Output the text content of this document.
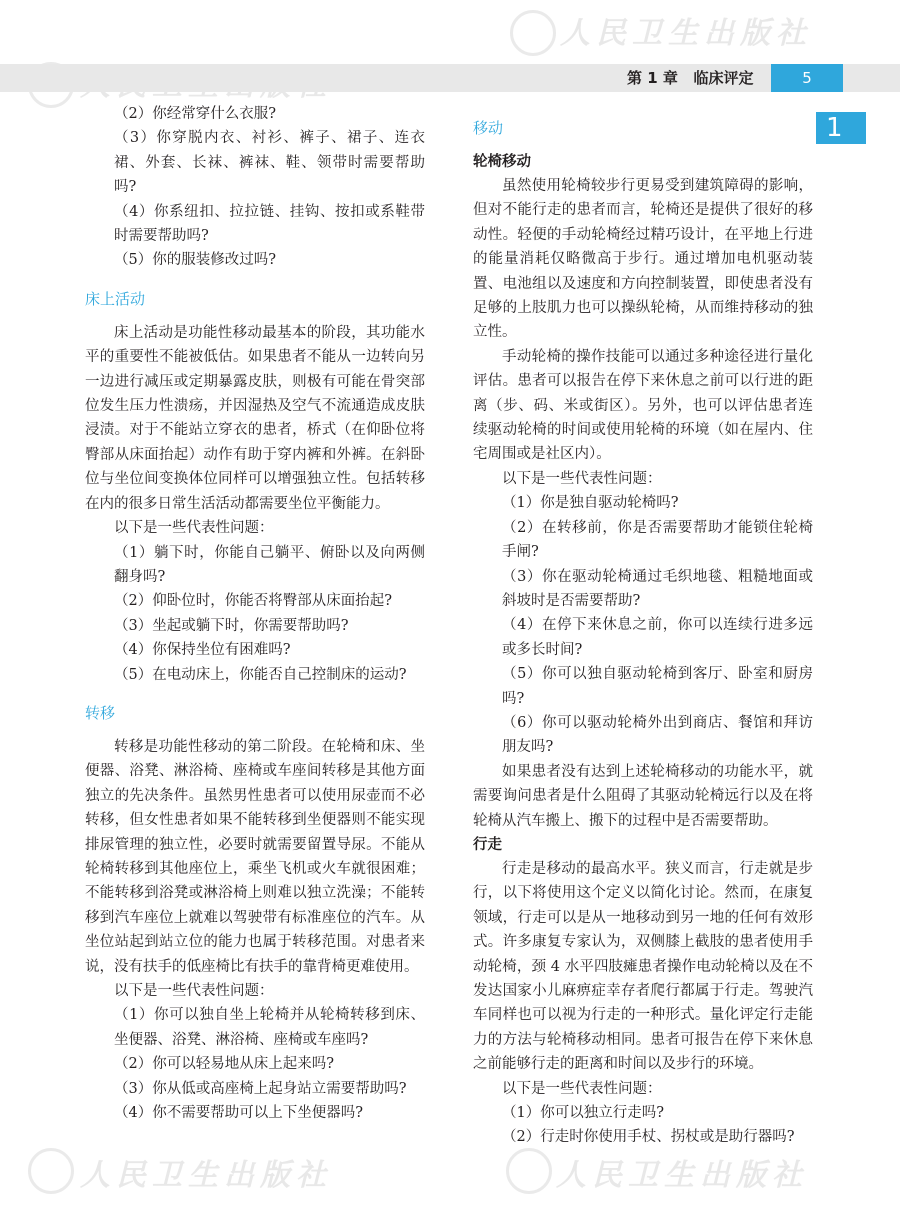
人民卫生出版社
人民卫生出版社	人民卫生出版社
第 1 章   临床评定	5
1

（2）你经常穿什么衣服?

（3）你穿脱内衣、衬衫、裤子、裙子、连衣裙、外套、长袜、裤袜、鞋、领带时需要帮助吗?

（4）你系纽扣、拉拉链、挂钩、按扣或系鞋带时需要帮助吗?

（5）你的服装修改过吗?

床上活动

床上活动是功能性移动最基本的阶段，其功能水平的重要性不能被低估。如果患者不能从一边转向另一边进行减压或定期暴露皮肤，则极有可能在骨突部位发生压力性溃疡，并因湿热及空气不流通造成皮肤浸渍。对于不能站立穿衣的患者，桥式（在仰卧位将臀部从床面抬起）动作有助于穿内裤和外裤。在斜卧位与坐位间变换体位同样可以增强独立性。包括转移在内的很多日常生活活动都需要坐位平衡能力。

以下是一些代表性问题：

（1）躺下时，你能自己躺平、俯卧以及向两侧翻身吗?

（2）仰卧位时，你能否将臀部从床面抬起?

（3）坐起或躺下时，你需要帮助吗?

（4）你保持坐位有困难吗?

（5）在电动床上，你能否自己控制床的运动?

转移

转移是功能性移动的第二阶段。在轮椅和床、坐便器、浴凳、淋浴椅、座椅或车座间转移是其他方面独立的先决条件。虽然男性患者可以使用尿壶而不必转移，但女性患者如果不能转移到坐便器则不能实现排尿管理的独立性，必要时就需要留置导尿。不能从轮椅转移到其他座位上，乘坐飞机或火车就很困难；不能转移到浴凳或淋浴椅上则难以独立洗澡；不能转移到汽车座位上就难以驾驶带有标准座位的汽车。从坐位站起到站立位的能力也属于转移范围。对患者来说，没有扶手的低座椅比有扶手的靠背椅更难使用。

以下是一些代表性问题：

（1）你可以独自坐上轮椅并从轮椅转移到床、坐便器、浴凳、淋浴椅、座椅或车座吗?

（2）你可以轻易地从床上起来吗?

（3）你从低或高座椅上起身站立需要帮助吗?

（4）你不需要帮助可以上下坐便器吗?

移动
轮椅移动

虽然使用轮椅较步行更易受到建筑障碍的影响，但对不能行走的患者而言，轮椅还是提供了很好的移动性。轻便的手动轮椅经过精巧设计，在平地上行进的能量消耗仅略微高于步行。通过增加电机驱动装置、电池组以及速度和方向控制装置，即使患者没有足够的上肢肌力也可以操纵轮椅，从而维持移动的独立性。

手动轮椅的操作技能可以通过多种途径进行量化评估。患者可以报告在停下来休息之前可以行进的距离（步、码、米或街区）。另外，也可以评估患者连续驱动轮椅的时间或使用轮椅的环境（如在屋内、住宅周围或是社区内）。

以下是一些代表性问题：

（1）你是独自驱动轮椅吗?

（2）在转移前，你是否需要帮助才能锁住轮椅手闸?

（3）你在驱动轮椅通过毛织地毯、粗糙地面或斜坡时是否需要帮助?

（4）在停下来休息之前，你可以连续行进多远或多长时间?

（5）你可以独自驱动轮椅到客厅、卧室和厨房吗?

（6）你可以驱动轮椅外出到商店、餐馆和拜访朋友吗?

如果患者没有达到上述轮椅移动的功能水平，就需要询问患者是什么阻碍了其驱动轮椅远行以及在将轮椅从汽车搬上、搬下的过程中是否需要帮助。

行走

行走是移动的最高水平。狭义而言，行走就是步行，以下将使用这个定义以简化讨论。然而，在康复领域，行走可以是从一地移动到另一地的任何有效形式。许多康复专家认为，双侧膝上截肢的患者使用手动轮椅，颈 4 水平四肢瘫患者操作电动轮椅以及在不发达国家小儿麻痹症幸存者爬行都属于行走。驾驶汽车同样也可以视为行走的一种形式。量化评定行走能力的方法与轮椅移动相同。患者可报告在停下来休息之前能够行走的距离和时间以及步行的环境。

以下是一些代表性问题：

（1）你可以独立行走吗?

（2）行走时你使用手杖、拐杖或是助行器吗?
